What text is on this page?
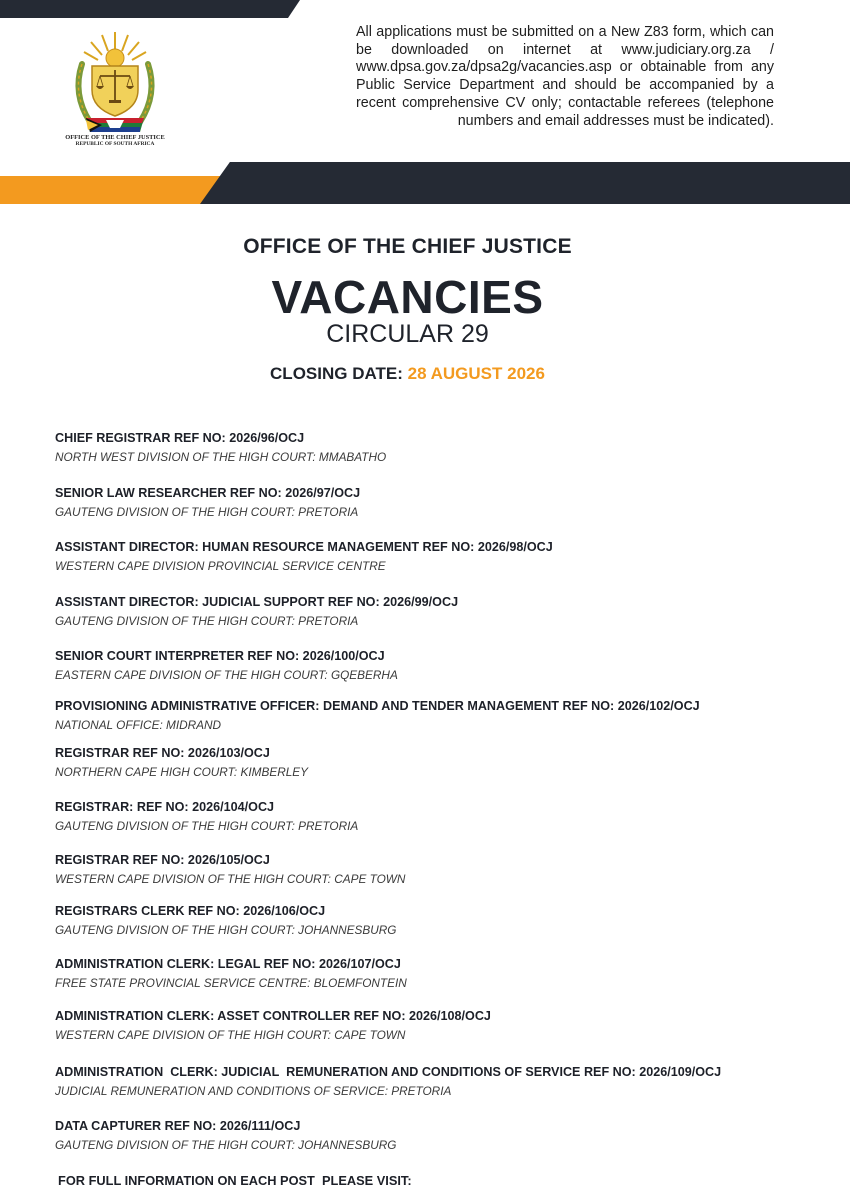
OFFICE OF THE CHIEF JUSTICE
REPUBLIC OF SOUTH AFRICA

All applications must be submitted on a New Z83 form, which can be downloaded on internet at www.judiciary.org.za / www.dpsa.gov.za/dpsa2g/vacancies.asp or obtainable from any Public Service Department and should be accompanied by a recent comprehensive CV only; contactable referees (telephone numbers and email addresses must be indicated).

OFFICE OF THE CHIEF JUSTICE
VACANCIES
CIRCULAR 29
CLOSING DATE: 28 AUGUST 2026
CHIEF REGISTRAR REF NO: 2026/96/OCJ
NORTH WEST DIVISION OF THE HIGH COURT: MMABATHO
SENIOR LAW RESEARCHER REF NO: 2026/97/OCJ
GAUTENG DIVISION OF THE HIGH COURT: PRETORIA
ASSISTANT DIRECTOR: HUMAN RESOURCE MANAGEMENT REF NO: 2026/98/OCJ
WESTERN CAPE DIVISION PROVINCIAL SERVICE CENTRE
ASSISTANT DIRECTOR: JUDICIAL SUPPORT REF NO: 2026/99/OCJ
GAUTENG DIVISION OF THE HIGH COURT: PRETORIA
SENIOR COURT INTERPRETER REF NO: 2026/100/OCJ
EASTERN CAPE DIVISION OF THE HIGH COURT: GQEBERHA
PROVISIONING ADMINISTRATIVE OFFICER: DEMAND AND TENDER MANAGEMENT REF NO: 2026/102/OCJ
NATIONAL OFFICE: MIDRAND
REGISTRAR REF NO: 2026/103/OCJ
NORTHERN CAPE HIGH COURT: KIMBERLEY
REGISTRAR: REF NO: 2026/104/OCJ
GAUTENG DIVISION OF THE HIGH COURT: PRETORIA
REGISTRAR REF NO: 2026/105/OCJ
WESTERN CAPE DIVISION OF THE HIGH COURT: CAPE TOWN
REGISTRARS CLERK REF NO: 2026/106/OCJ
GAUTENG DIVISION OF THE HIGH COURT: JOHANNESBURG
ADMINISTRATION CLERK: LEGAL REF NO: 2026/107/OCJ
FREE STATE PROVINCIAL SERVICE CENTRE: BLOEMFONTEIN
ADMINISTRATION CLERK: ASSET CONTROLLER REF NO: 2026/108/OCJ
WESTERN CAPE DIVISION OF THE HIGH COURT: CAPE TOWN
ADMINISTRATION  CLERK: JUDICIAL  REMUNERATION AND CONDITIONS OF SERVICE REF NO: 2026/109/OCJ
JUDICIAL REMUNERATION AND CONDITIONS OF SERVICE: PRETORIA
DATA CAPTURER REF NO: 2026/111/OCJ
GAUTENG DIVISION OF THE HIGH COURT: JOHANNESBURG
FOR FULL INFORMATION ON EACH POST  PLEASE VISIT:
